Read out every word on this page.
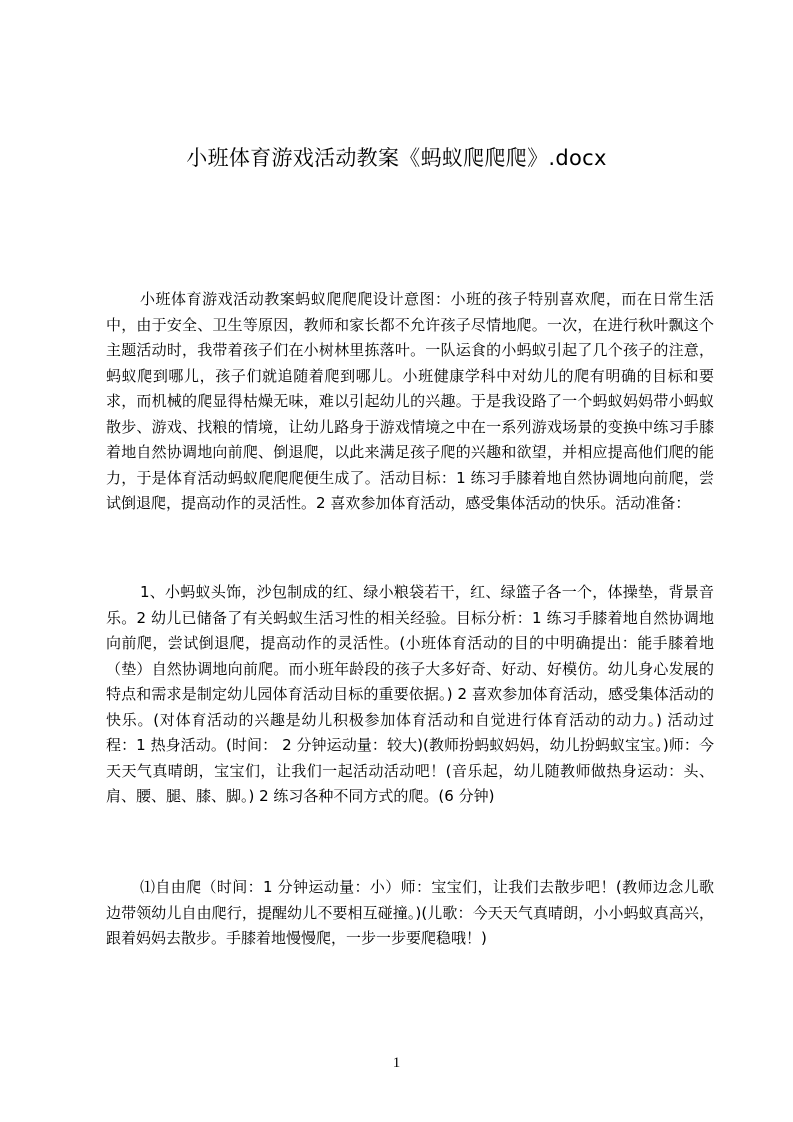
小班体育游戏活动教案《蚂蚁爬爬爬》.docx

小班体育游戏活动教案蚂蚁爬爬爬设计意图：小班的孩子特别喜欢爬，而在日常生活中，由于安全、卫生等原因，教师和家长都不允许孩子尽情地爬。一次，在进行秋叶飘这个主题活动时，我带着孩子们在小树林里拣落叶。一队运食的小蚂蚁引起了几个孩子的注意，蚂蚁爬到哪儿，孩子们就追随着爬到哪儿。小班健康学科中对幼儿的爬有明确的目标和要求，而机械的爬显得枯燥无味，难以引起幼儿的兴趣。于是我设路了一个蚂蚁妈妈带小蚂蚁散步、游戏、找粮的情境，让幼儿路身于游戏情境之中在一系列游戏场景的变换中练习手膝着地自然协调地向前爬、倒退爬，以此来满足孩子爬的兴趣和欲望，并相应提高他们爬的能力，于是体育活动蚂蚁爬爬爬便生成了。活动目标：1 练习手膝着地自然协调地向前爬，尝试倒退爬，提高动作的灵活性。2 喜欢参加体育活动，感受集体活动的快乐。活动准备：

1、小蚂蚁头饰，沙包制成的红、绿小粮袋若干，红、绿篮子各一个，体操垫，背景音乐。2 幼儿已储备了有关蚂蚁生活习性的相关经验。目标分析：1 练习手膝着地自然协调地向前爬，尝试倒退爬，提高动作的灵活性。(小班体育活动的目的中明确提出：能手膝着地（垫）自然协调地向前爬。而小班年龄段的孩子大多好奇、好动、好模仿。幼儿身心发展的特点和需求是制定幼儿园体育活动目标的重要依据。) 2 喜欢参加体育活动，感受集体活动的快乐。(对体育活动的兴趣是幼儿积极参加体育活动和自觉进行体育活动的动力。) 活动过程：1 热身活动。(时间： 2 分钟运动量：较大)(教师扮蚂蚁妈妈，幼儿扮蚂蚁宝宝。)师：今天天气真晴朗，宝宝们，让我们一起活动活动吧！(音乐起，幼儿随教师做热身运动：头、肩、腰、腿、膝、脚。) 2 练习各种不同方式的爬。(6 分钟)

⑴自由爬（时间：1 分钟运动量：小）师：宝宝们，让我们去散步吧！(教师边念儿歌边带领幼儿自由爬行，提醒幼儿不要相互碰撞。)(儿歌：今天天气真晴朗，小小蚂蚁真高兴，跟着妈妈去散步。手膝着地慢慢爬，一步一步要爬稳哦！)

1
